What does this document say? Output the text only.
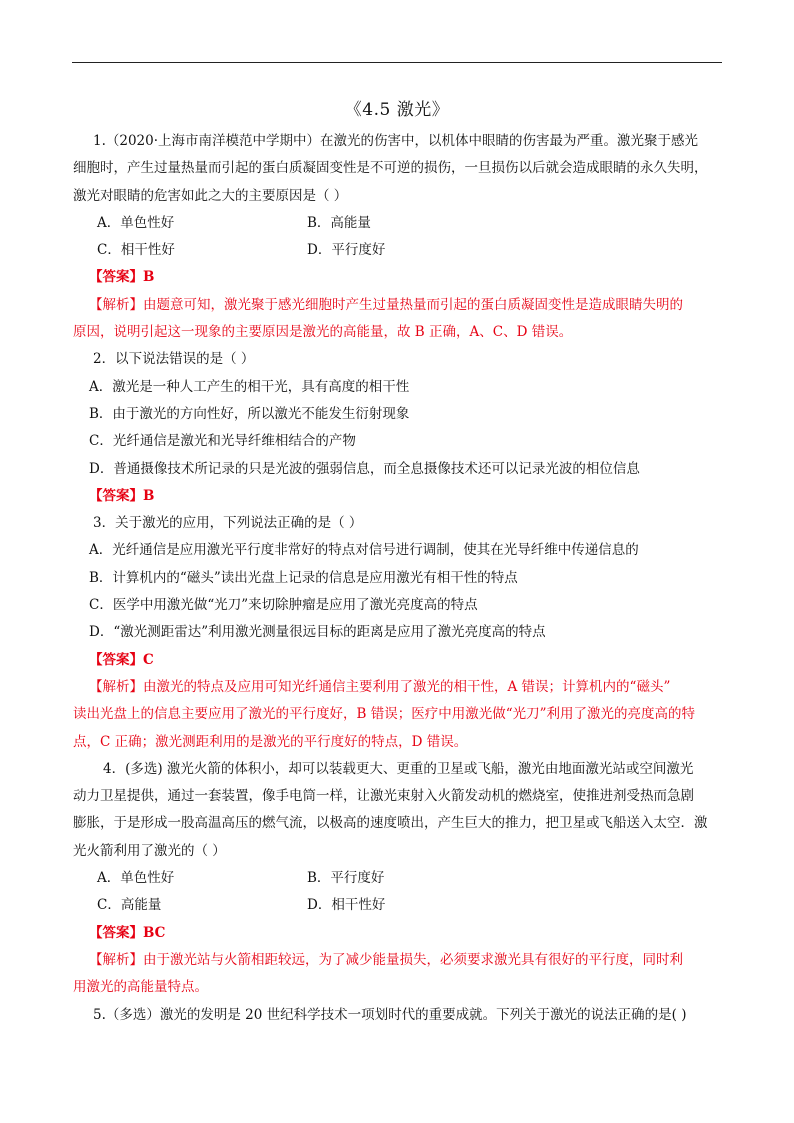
《4.5 激光》
1.（2020·上海市南洋模范中学期中）在激光的伤害中，以机体中眼睛的伤害最为严重。激光聚于感光
细胞时，产生过量热量而引起的蛋白质凝固变性是不可逆的损伤，一旦损伤以后就会造成眼睛的永久失明，
激光对眼睛的危害如此之大的主要原因是（ ）
A．单色性好	B．高能量
C．相干性好	D．平行度好
【答案】B
【解析】由题意可知，激光聚于感光细胞时产生过量热量而引起的蛋白质凝固变性是造成眼睛失明的
原因，说明引起这一现象的主要原因是激光的高能量，故 B 正确，A、C、D 错误。
2．以下说法错误的是（ ）
A．激光是一种人工产生的相干光，具有高度的相干性
B．由于激光的方向性好，所以激光不能发生衍射现象
C．光纤通信是激光和光导纤维相结合的产物
D．普通摄像技术所记录的只是光波的强弱信息，而全息摄像技术还可以记录光波的相位信息
【答案】B
3．关于激光的应用，下列说法正确的是（ ）
A．光纤通信是应用激光平行度非常好的特点对信号进行调制，使其在光导纤维中传递信息的
B．计算机内的“磁头”读出光盘上记录的信息是应用激光有相干性的特点
C．医学中用激光做“光刀”来切除肿瘤是应用了激光亮度高的特点
D．“激光测距雷达”利用激光测量很远目标的距离是应用了激光亮度高的特点
【答案】C
【解析】由激光的特点及应用可知光纤通信主要利用了激光的相干性，A 错误；计算机内的“磁头”
读出光盘上的信息主要应用了激光的平行度好，B 错误；医疗中用激光做“光刀”利用了激光的亮度高的特
点，C 正确；激光测距利用的是激光的平行度好的特点，D 错误。
4．(多选) 激光火箭的体积小，却可以装载更大、更重的卫星或飞船，激光由地面激光站或空间激光
动力卫星提供，通过一套装置，像手电筒一样，让激光束射入火箭发动机的燃烧室，使推进剂受热而急剧
膨胀，于是形成一股高温高压的燃气流，以极高的速度喷出，产生巨大的推力，把卫星或飞船送入太空．激
光火箭利用了激光的（ ）
A．单色性好	B．平行度好
C．高能量	D．相干性好
【答案】BC
【解析】由于激光站与火箭相距较远，为了减少能量损失，必须要求激光具有很好的平行度，同时利
用激光的高能量特点。
5.（多选）激光的发明是 20 世纪科学技术一项划时代的重要成就。下列关于激光的说法正确的是( )
